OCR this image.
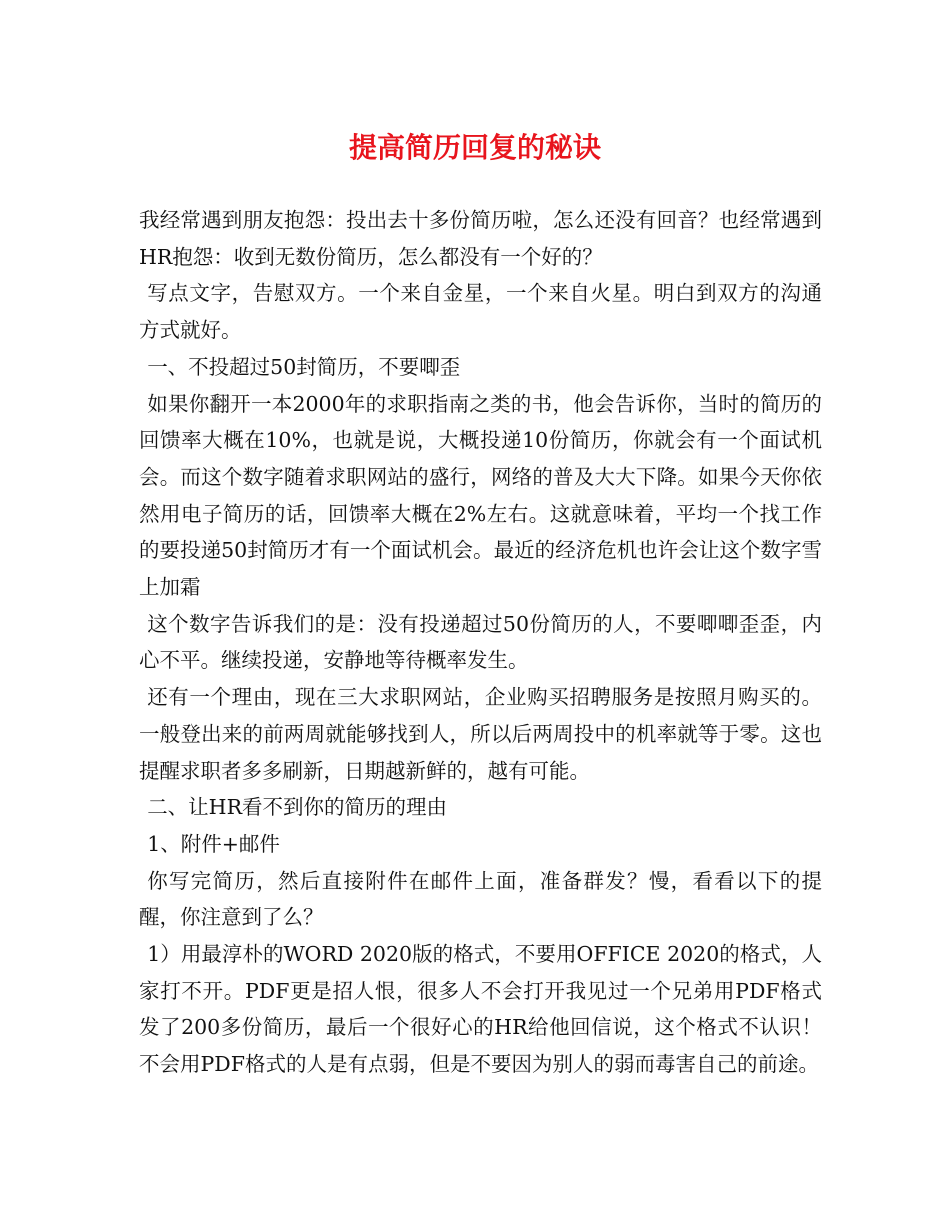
提高简历回复的秘诀

我经常遇到朋友抱怨：投出去十多份简历啦，怎么还没有回音？也经常遇到HR抱怨：收到无数份简历，怎么都没有一个好的？

写点文字，告慰双方。一个来自金星，一个来自火星。明白到双方的沟通方式就好。

一、不投超过50封简历，不要唧歪

如果你翻开一本2000年的求职指南之类的书，他会告诉你，当时的简历的回馈率大概在10%，也就是说，大概投递10份简历，你就会有一个面试机会。而这个数字随着求职网站的盛行，网络的普及大大下降。如果今天你依然用电子简历的话，回馈率大概在2%左右。这就意味着，平均一个找工作的要投递50封简历才有一个面试机会。最近的经济危机也许会让这个数字雪上加霜

这个数字告诉我们的是：没有投递超过50份简历的人，不要唧唧歪歪，内心不平。继续投递，安静地等待概率发生。

还有一个理由，现在三大求职网站，企业购买招聘服务是按照月购买的。一般登出来的前两周就能够找到人，所以后两周投中的机率就等于零。这也提醒求职者多多刷新，日期越新鲜的，越有可能。

二、让HR看不到你的简历的理由

1、附件+邮件

你写完简历，然后直接附件在邮件上面，准备群发？慢，看看以下的提醒，你注意到了么？

1）用最淳朴的WORD 2020版的格式，不要用OFFICE 2020的格式，人家打不开。PDF更是招人恨，很多人不会打开我见过一个兄弟用PDF格式发了200多份简历，最后一个很好心的HR给他回信说，这个格式不认识！不会用PDF格式的人是有点弱，但是不要因为别人的弱而毒害自己的前途。
